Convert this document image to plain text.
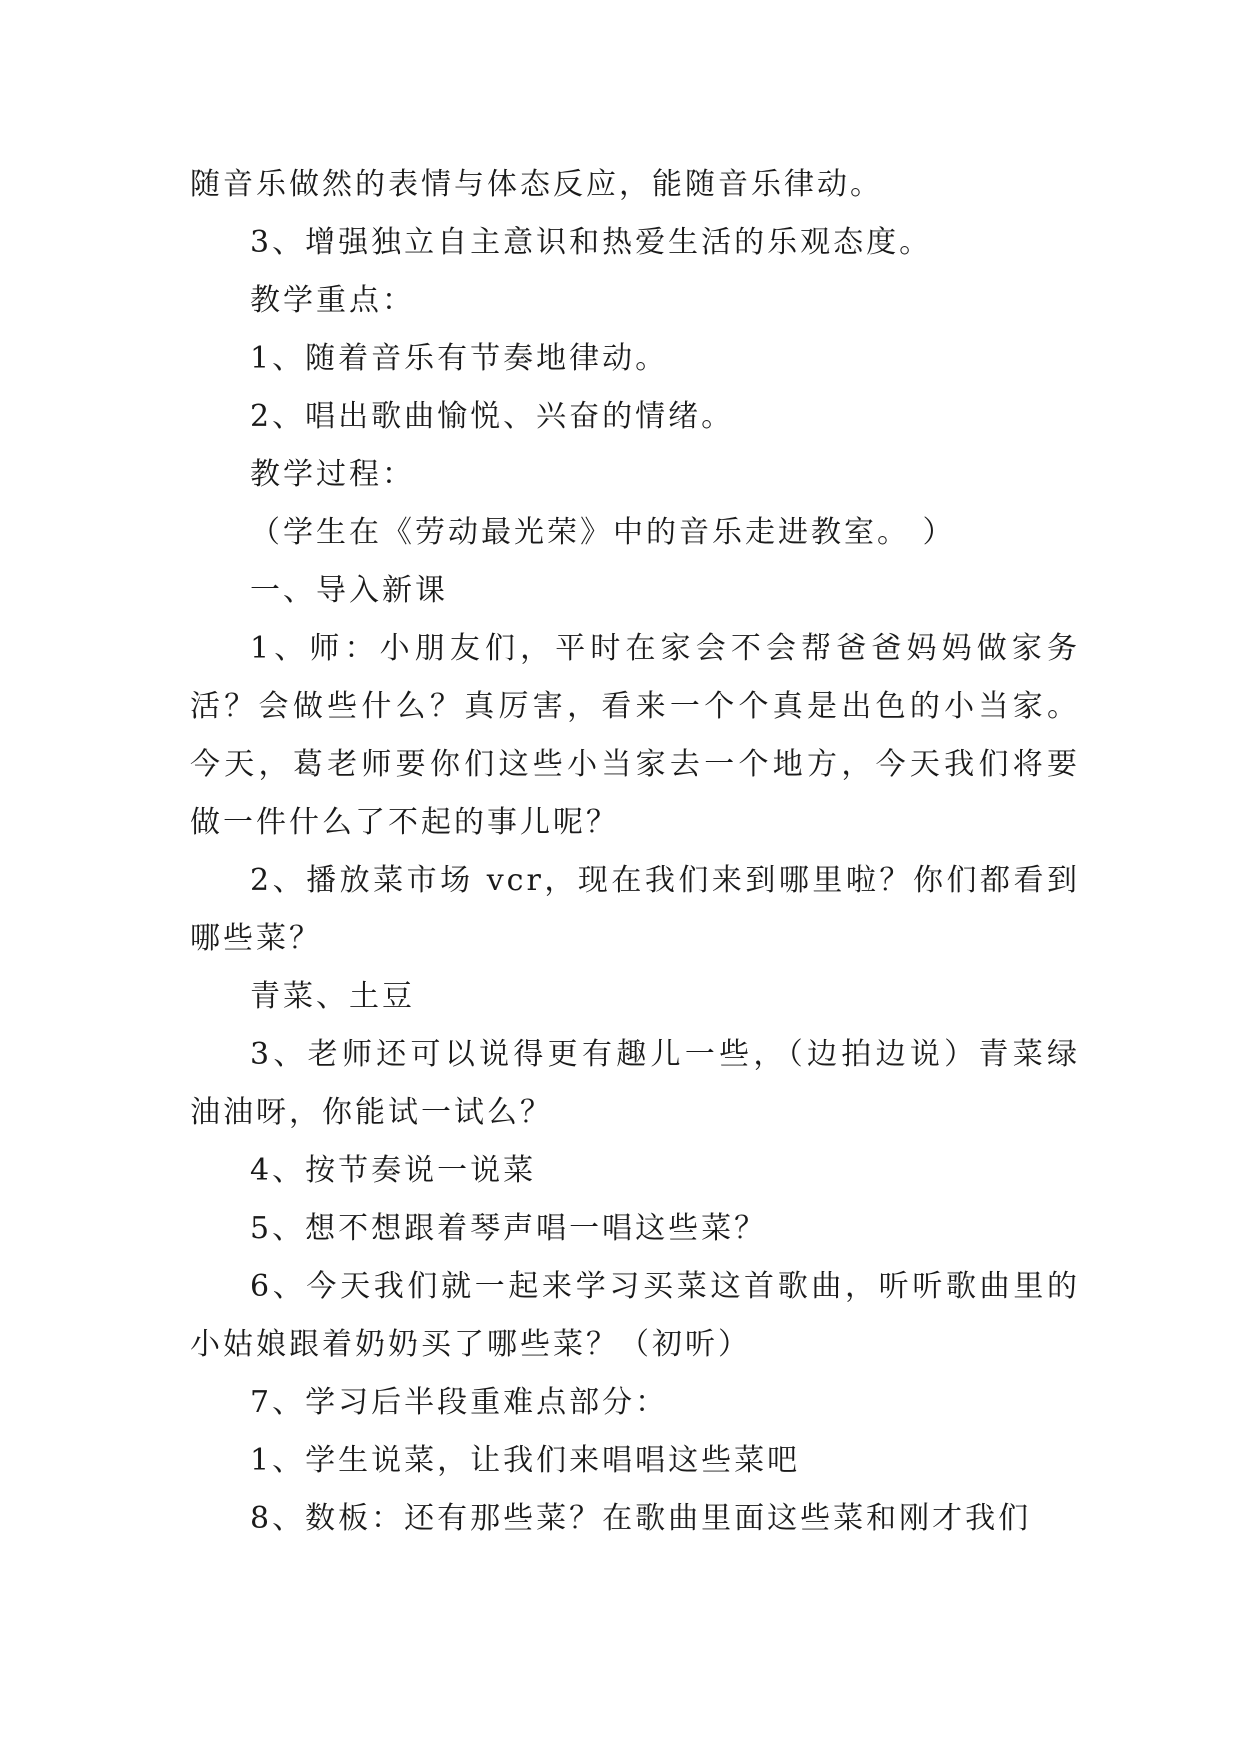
随音乐做然的表情与体态反应，能随音乐律动。

3、增强独立自主意识和热爱生活的乐观态度。

教学重点：

1、随着音乐有节奏地律动。

2、唱出歌曲愉悦、兴奋的情绪。

教学过程：

（学生在《劳动最光荣》中的音乐走进教室。 ）

一、导入新课

1、师：小朋友们，平时在家会不会帮爸爸妈妈做家务活？会做些什么？真厉害，看来一个个真是出色的小当家。今天，葛老师要你们这些小当家去一个地方，今天我们将要做一件什么了不起的事儿呢？

2、播放菜市场 vcr，现在我们来到哪里啦？你们都看到哪些菜？

青菜、土豆

3、老师还可以说得更有趣儿一些，（边拍边说）青菜绿油油呀，你能试一试么？

4、按节奏说一说菜

5、想不想跟着琴声唱一唱这些菜？

6、今天我们就一起来学习买菜这首歌曲，听听歌曲里的小姑娘跟着奶奶买了哪些菜？（初听）

7、学习后半段重难点部分：

1、学生说菜，让我们来唱唱这些菜吧

8、数板：还有那些菜？在歌曲里面这些菜和刚才我们
